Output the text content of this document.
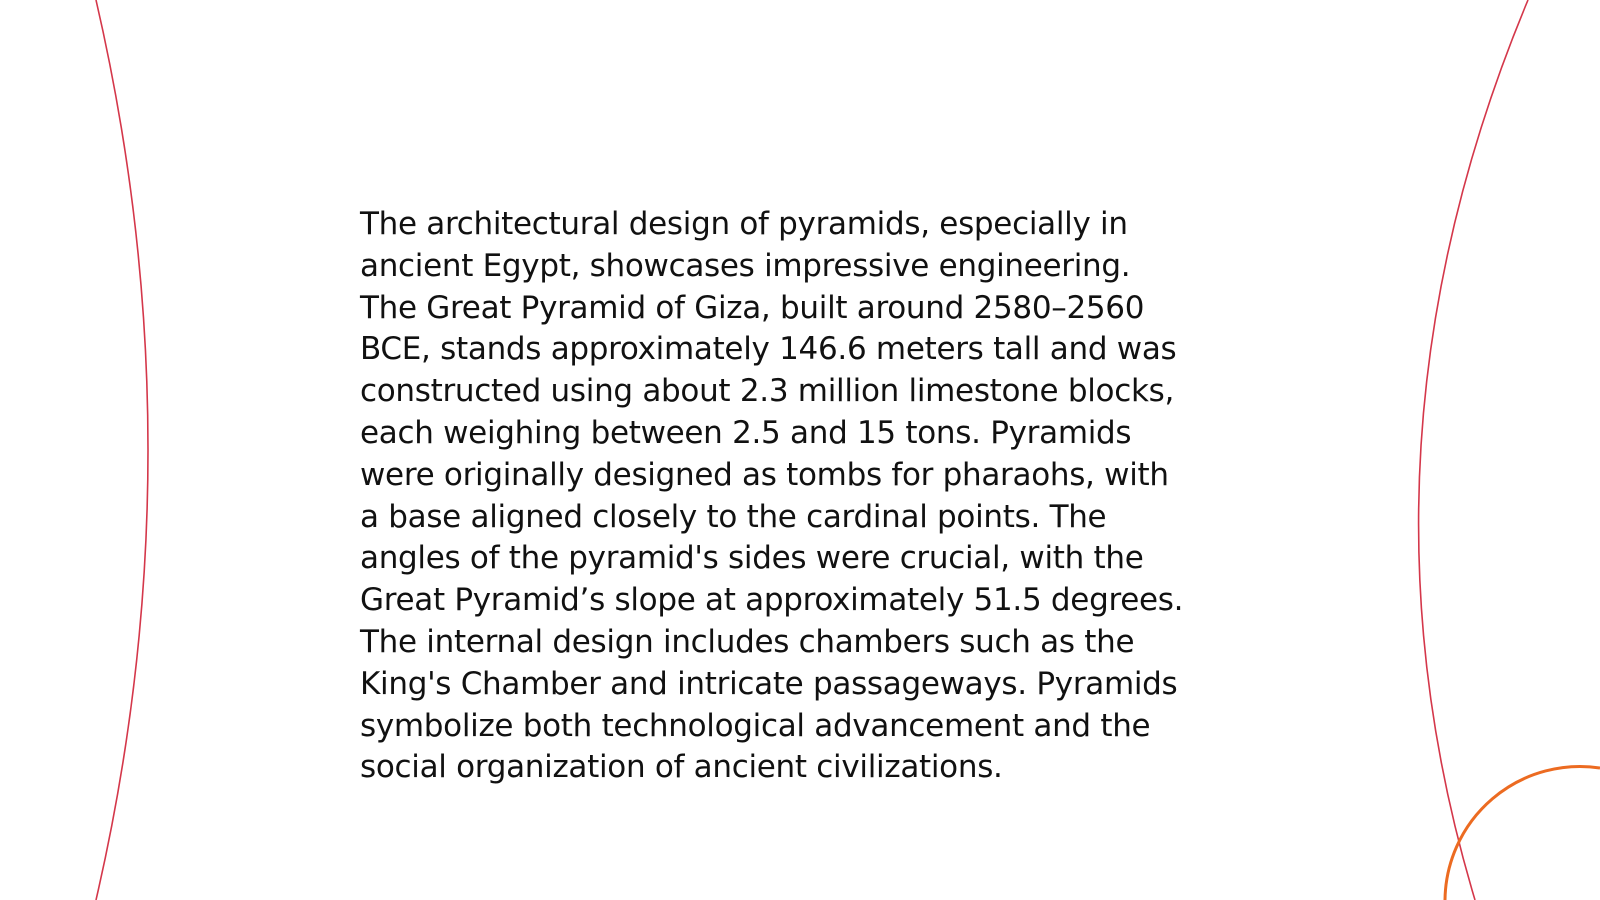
The architectural design of pyramids, especially in
ancient Egypt, showcases impressive engineering.
The Great Pyramid of Giza, built around 2580–2560
BCE, stands approximately 146.6 meters tall and was
constructed using about 2.3 million limestone blocks,
each weighing between 2.5 and 15 tons. Pyramids
were originally designed as tombs for pharaohs, with
a base aligned closely to the cardinal points. The
angles of the pyramid's sides were crucial, with the
Great Pyramid’s slope at approximately 51.5 degrees.
The internal design includes chambers such as the
King's Chamber and intricate passageways. Pyramids
symbolize both technological advancement and the
social organization of ancient civilizations.
